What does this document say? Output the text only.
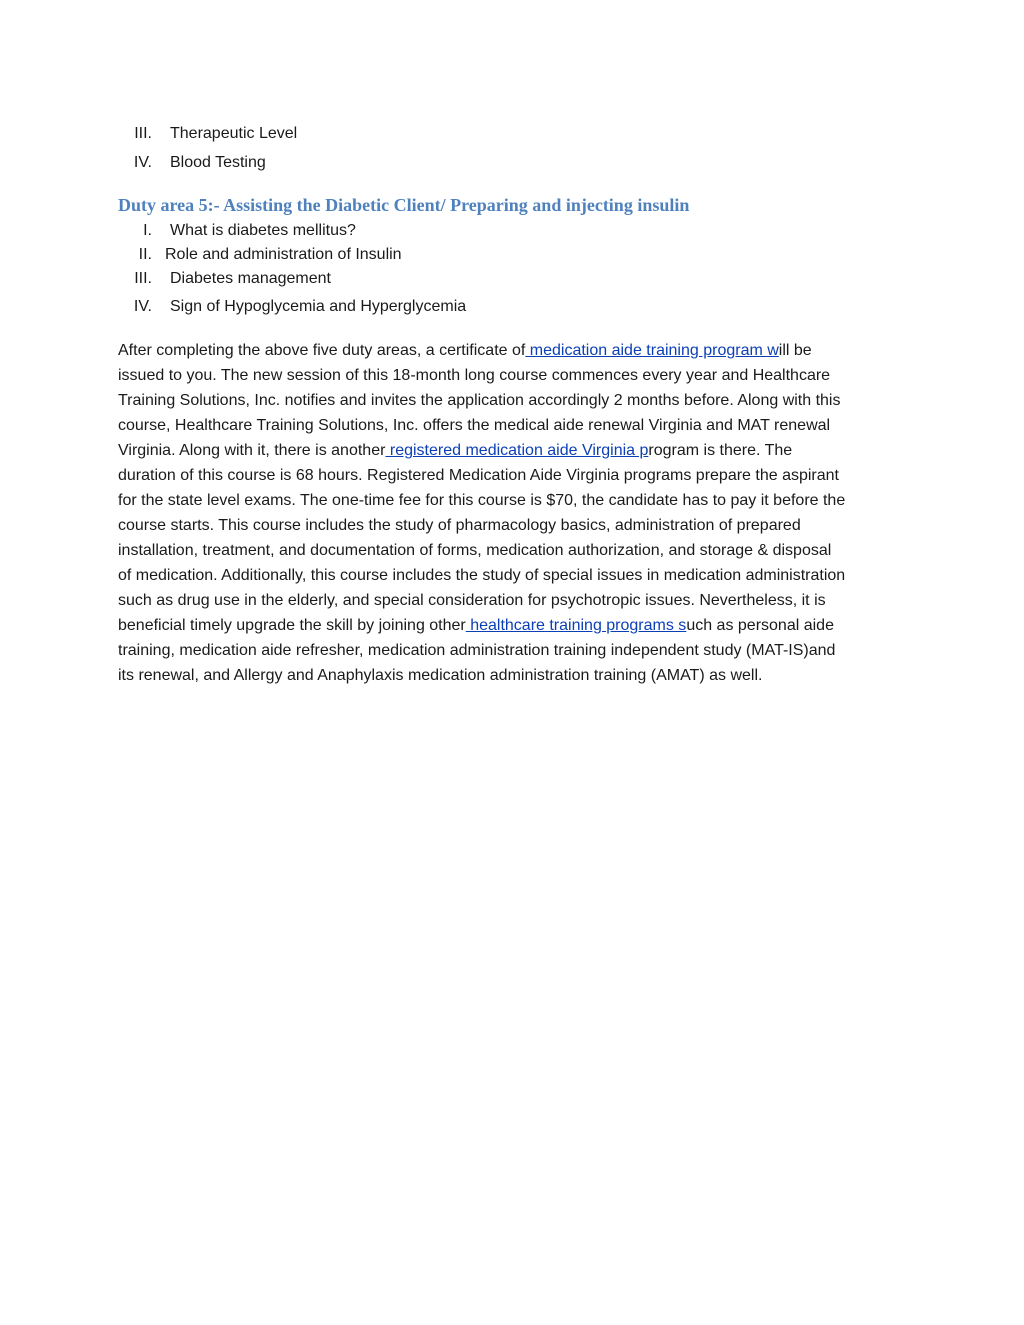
III. Therapeutic Level
IV. Blood Testing
Duty area 5:- Assisting the Diabetic Client/ Preparing and injecting insulin
I. What is diabetes mellitus?
II. Role and administration of Insulin
III. Diabetes management
IV. Sign of Hypoglycemia and Hyperglycemia
After completing the above five duty areas, a certificate of medication aide training program will be
issued to you. The new session of this 18-month long course commences every year and Healthcare
Training Solutions, Inc. notifies and invites the application accordingly 2 months before. Along with this
course, Healthcare Training Solutions, Inc. offers the medical aide renewal Virginia and MAT renewal
Virginia. Along with it, there is another registered medication aide Virginia program is there. The
duration of this course is 68 hours. Registered Medication Aide Virginia programs prepare the aspirant
for the state level exams. The one-time fee for this course is $70, the candidate has to pay it before the
course starts. This course includes the study of pharmacology basics, administration of prepared
installation, treatment, and documentation of forms, medication authorization, and storage & disposal
of medication. Additionally, this course includes the study of special issues in medication administration
such as drug use in the elderly, and special consideration for psychotropic issues. Nevertheless, it is
beneficial timely upgrade the skill by joining other healthcare training programs such as personal aide
training, medication aide refresher, medication administration training independent study (MAT-IS)and
its renewal, and Allergy and Anaphylaxis medication administration training (AMAT) as well.
